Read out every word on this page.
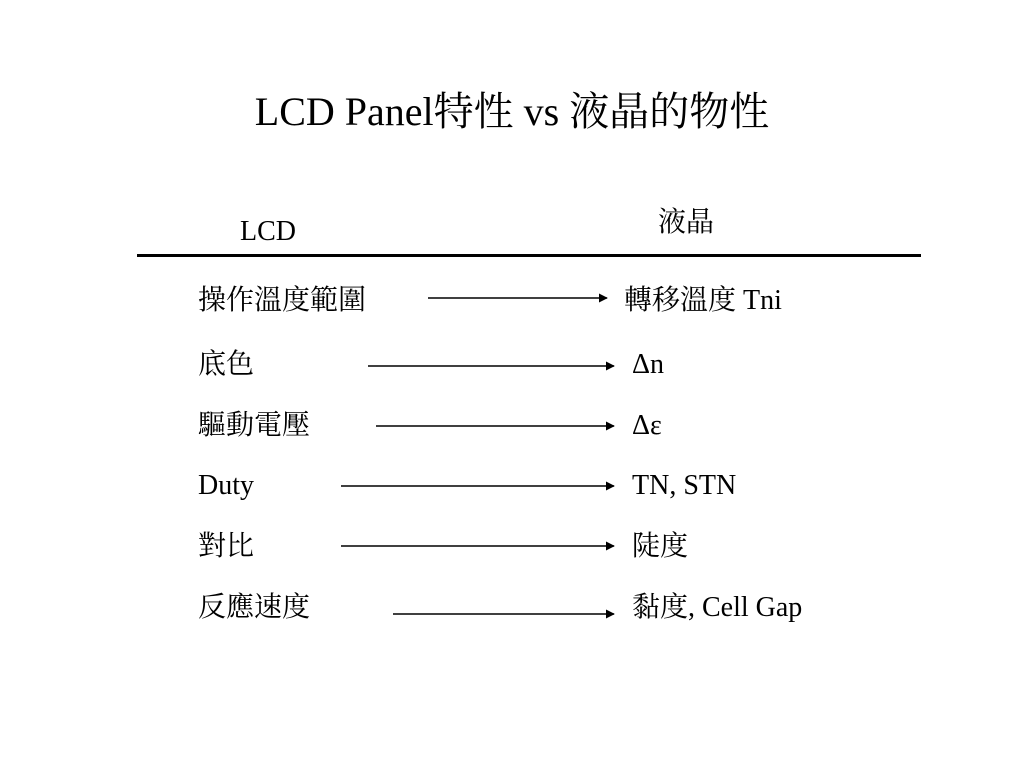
LCD Panel特性 vs 液晶的物性
LCD	液晶
操作溫度範圍	轉移溫度 Tni
底色	Δn
驅動電壓	Δε
Duty	TN, STN
對比	陡度
反應速度	黏度, Cell Gap
